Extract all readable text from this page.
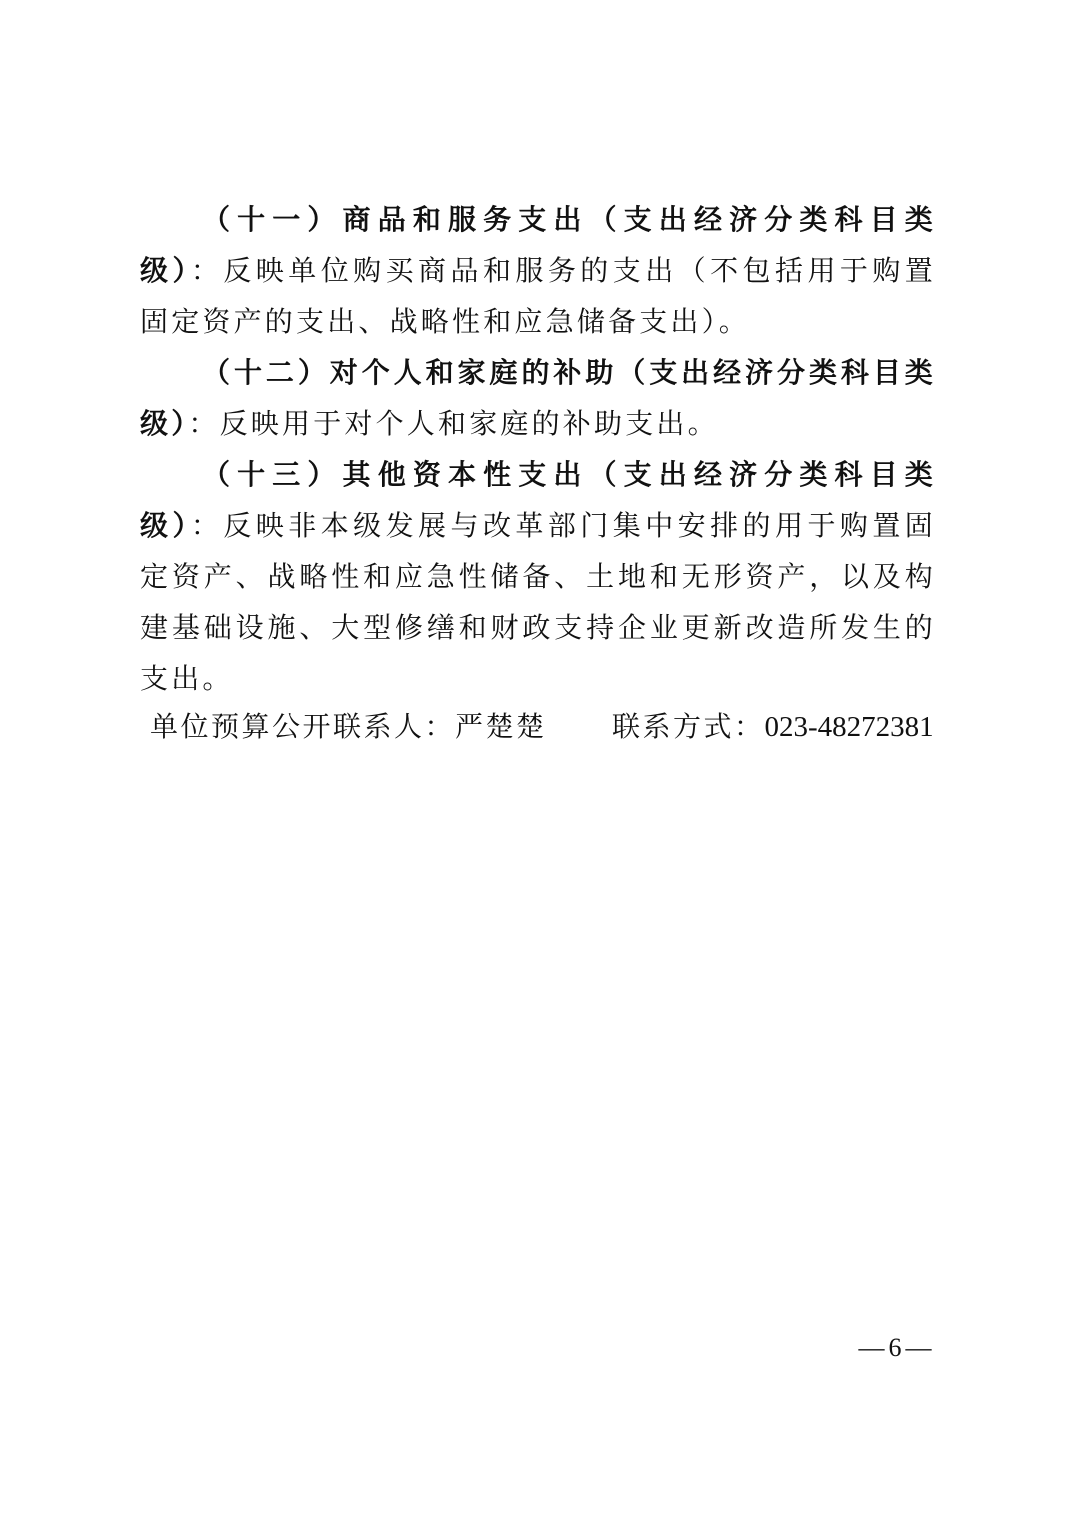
（十一）商品和服务支出（支出经济分类科目类级）：反映单位购买商品和服务的支出（不包括用于购置固定资产的支出、战略性和应急储备支出）。

（十二）对个人和家庭的补助（支出经济分类科目类级）：反映用于对个人和家庭的补助支出。

（十三）其他资本性支出（支出经济分类科目类级）：反映非本级发展与改革部门集中安排的用于购置固定资产、战略性和应急性储备、土地和无形资产，以及构建基础设施、大型修缮和财政支持企业更新改造所发生的支出。

单位预算公开联系人：严楚楚 联系方式：023-48272381
— 6 —
